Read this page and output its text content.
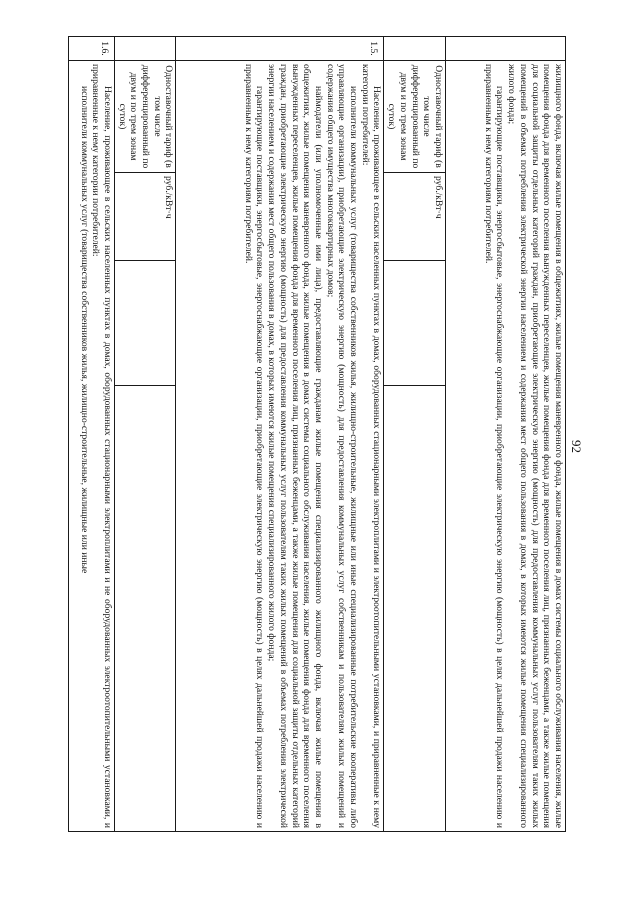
92

	жилищного фонда, включая жилые помещения в общежитиях, жилые помещения маневренного фонда, жилые помещения в домах системы социального обслуживания населения, жилые помещения фонда для временного поселения вынужденных переселенцев, жилые помещения фонда для временного поселения лиц, признанных беженцами, а также жилые помещения для социальной защиты отдельных категорий граждан, приобретающие электрическую энергию (мощность) для предоставления коммунальных услуг пользователям таких жилых помещений в объемах потребления электрической энергии населением и содержания мест общего пользования в домах, в которых имеются жилые помещения специализированного жилого фонда;

гарантирующие поставщики, энергосбытовые, энергоснабжающие организации, приобретающие электрическую энергию (мощность) в целях дальнейшей продажи населению и приравненным к нему категориям потребителей.			

	Одноставочный тариф (в том числе дифференцированный по двум и по трем зонам суток)	руб./кВт·ч		
1.5.	Население, проживающее в сельских населенных пунктах в домах, оборудованных стационарными электроплитами и электроотопительными установками, и приравненные к нему категории потребителей:

исполнители коммунальных услуг (товарищества собственников жилья, жилищно-строительные, жилищные или иные специализированные потребительские кооперативы либо управляющие организации), приобретающие электрическую энергию (мощность) для предоставления коммунальных услуг собственникам и пользователям жилых помещений и содержания общего имущества многоквартирных домов;

наймодатели (или уполномоченные ими лица), предоставляющие гражданам жилые помещения специализированного жилищного фонда, включая жилые помещения в общежитиях, жилые помещения маневренного фонда, жилые помещения в домах системы социального обслуживания населения, жилые помещения фонда для временного поселения вынужденных переселенцев, жилые помещения фонда для временного поселения лиц, признанных беженцами, а также жилые помещения для социальной защиты отдельных категорий граждан, приобретающие электрическую энергию (мощность) для предоставления коммунальных услуг пользователям таких жилых помещений в объемах потребления электрической энергии населением и содержания мест общего пользования в домах, в которых имеются жилые помещения специализированного жилого фонда;

гарантирующие поставщики, энергосбытовые, энергоснабжающие организации, приобретающие электрическую энергию (мощность) в целях дальнейшей продажи населению и приравненным к нему категориям потребителей.			

	Одноставочный тариф (в том числе дифференцированный по двум и по трем зонам суток)	руб./кВт·ч		
1.6.	Население, проживающее в сельских населенных пунктах в домах, оборудованных стационарными электроплитами и не оборудованных электроотопительными установками, и приравненные к нему категории потребителей:

исполнители коммунальных услуг (товарищества собственников жилья, жилищно-строительные, жилищные или иные			
